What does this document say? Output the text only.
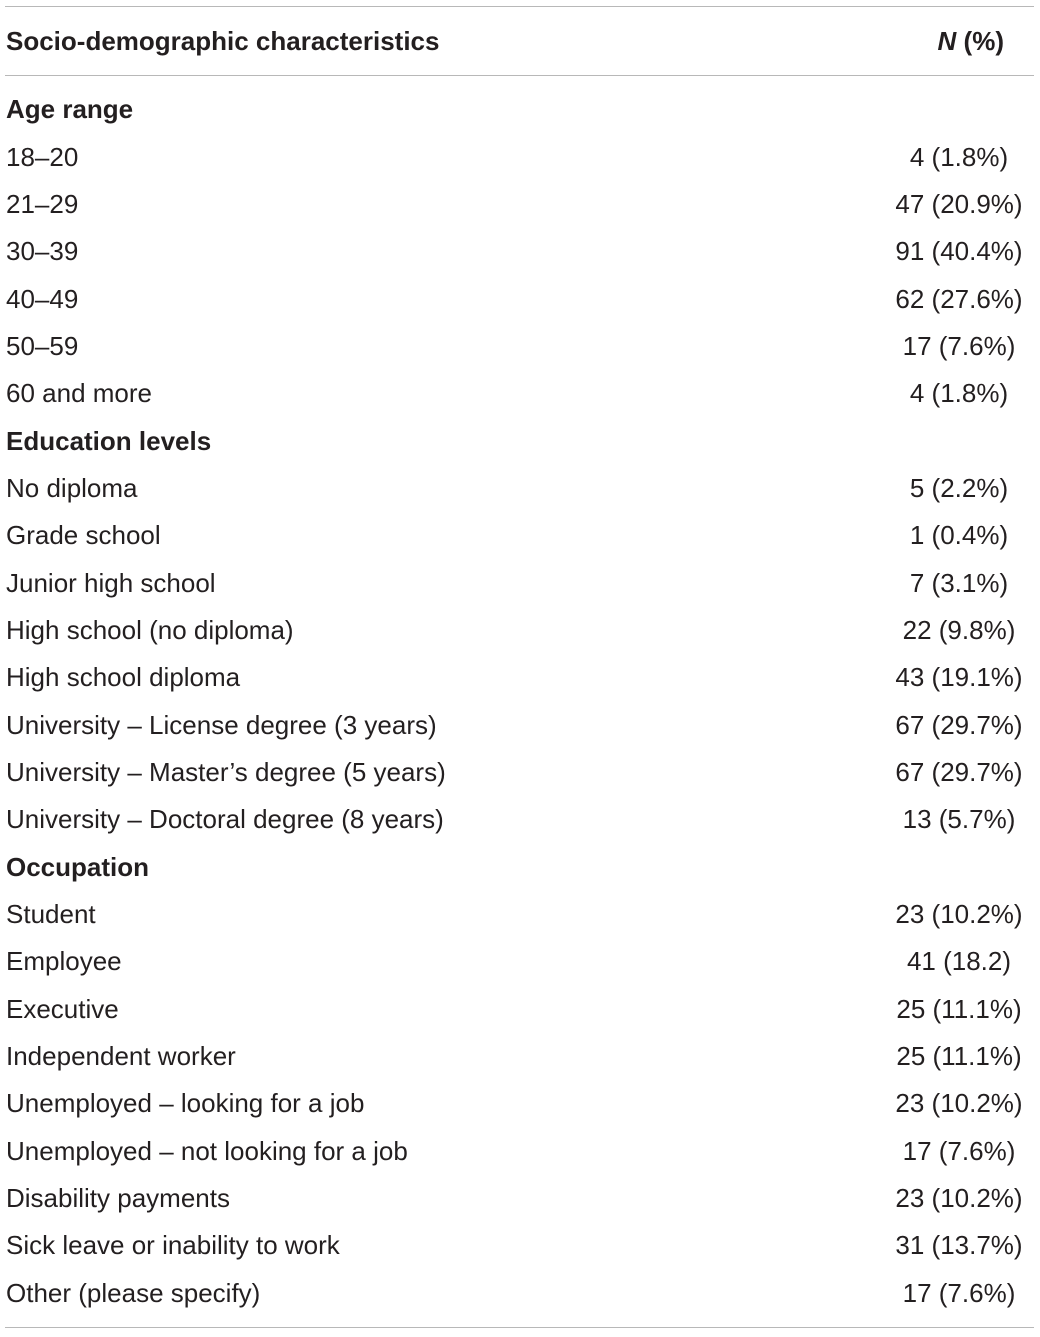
Socio-demographic characteristics	N (%)
Age range
18–20	4 (1.8%)
21–29	47 (20.9%)
30–39	91 (40.4%)
40–49	62 (27.6%)
50–59	17 (7.6%)
60 and more	4 (1.8%)
Education levels
No diploma	5 (2.2%)
Grade school	1 (0.4%)
Junior high school	7 (3.1%)
High school (no diploma)	22 (9.8%)
High school diploma	43 (19.1%)
University – License degree (3 years)	67 (29.7%)
University – Master’s degree (5 years)	67 (29.7%)
University – Doctoral degree (8 years)	13 (5.7%)
Occupation
Student	23 (10.2%)
Employee	41 (18.2)
Executive	25 (11.1%)
Independent worker	25 (11.1%)
Unemployed – looking for a job	23 (10.2%)
Unemployed – not looking for a job	17 (7.6%)
Disability payments	23 (10.2%)
Sick leave or inability to work	31 (13.7%)
Other (please specify)	17 (7.6%)
